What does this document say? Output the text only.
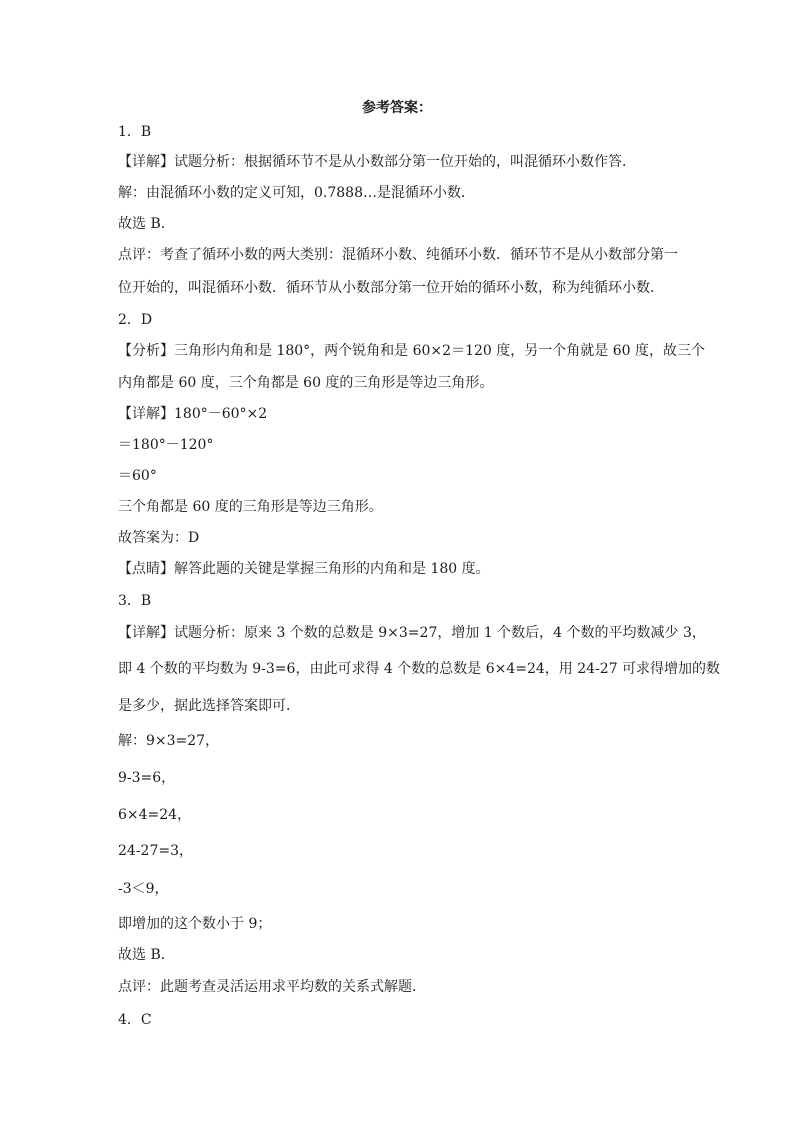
参考答案：
1．B
【详解】试题分析：根据循环节不是从小数部分第一位开始的，叫混循环小数作答．
解：由混循环小数的定义可知，0.7888…是混循环小数．
故选 B．
点评：考查了循环小数的两大类别：混循环小数、纯循环小数．循环节不是从小数部分第一
位开始的，叫混循环小数．循环节从小数部分第一位开始的循环小数，称为纯循环小数．
2．D
【分析】三角形内角和是 180°，两个锐角和是 60×2＝120 度，另一个角就是 60 度，故三个
内角都是 60 度，三个角都是 60 度的三角形是等边三角形。
【详解】180°－60°×2
＝180°－120°
＝60°
三个角都是 60 度的三角形是等边三角形。
故答案为：D
【点睛】解答此题的关键是掌握三角形的内角和是 180 度。
3．B
【详解】试题分析：原来 3 个数的总数是 9×3=27，增加 1 个数后，4 个数的平均数减少 3，
即 4 个数的平均数为 9-3=6，由此可求得 4 个数的总数是 6×4=24，用 24-27 可求得增加的数
是多少，据此选择答案即可．
解：9×3=27，
9-3=6，
6×4=24，
24-27=3，
-3＜9，
即增加的这个数小于 9；
故选 B．
点评：此题考查灵活运用求平均数的关系式解题．
4．C
